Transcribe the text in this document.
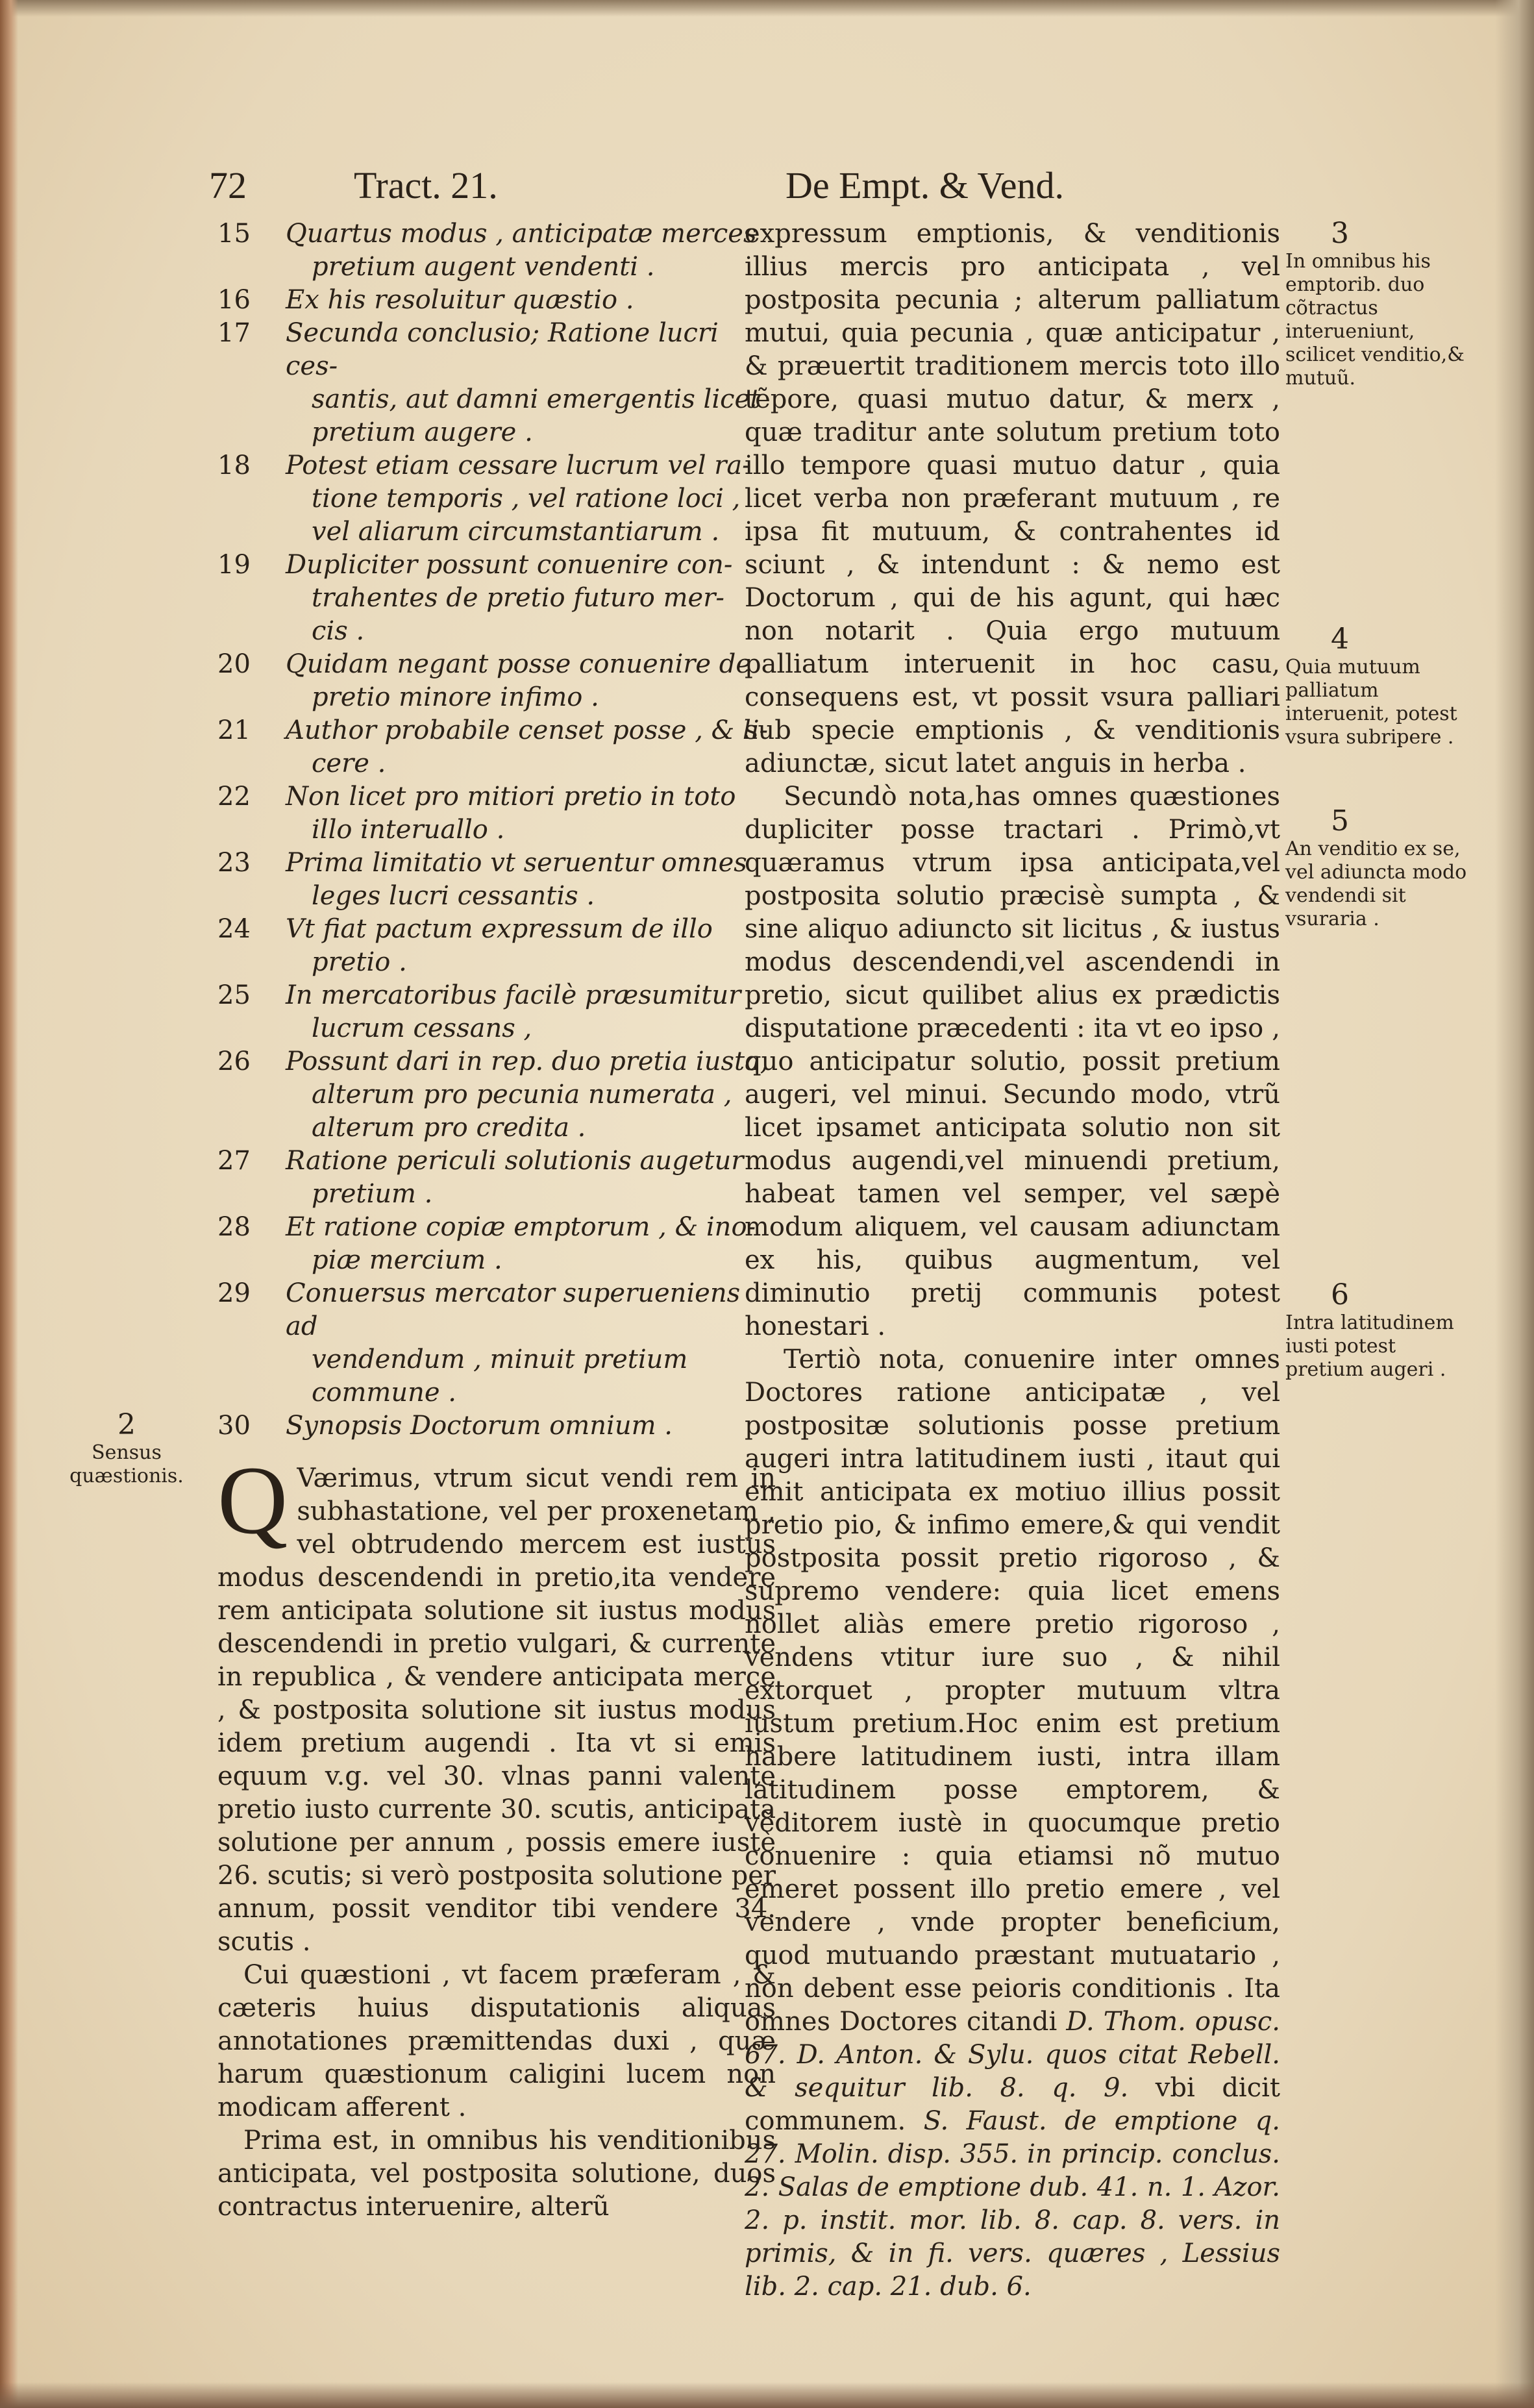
72	Tract. 21.	De Empt. & Vend.
15 Quartus modus , anticipatæ merces
pretium augent vendenti .
16 Ex his resoluitur quæstio .
17 Secunda conclusio; Ratione lucri ces-
santis, aut damni emergentis licet
pretium augere .
18 Potest etiam cessare lucrum vel ra-
tione temporis , vel ratione loci ,
vel aliarum circumstantiarum .
19 Dupliciter possunt conuenire con-
trahentes de pretio futuro mer-
cis .
20 Quidam negant posse conuenire de
pretio minore infimo .
21 Author probabile censet posse , & li-
cere .
22 Non licet pro mitiori pretio in toto
illo interuallo .
23 Prima limitatio vt seruentur omnes
leges lucri cessantis .
24 Vt fiat pactum expressum de illo
pretio .
25 In mercatoribus facilè præsumitur
lucrum cessans ,
26 Possunt dari in rep. duo pretia iusta,
alterum pro pecunia numerata ,
alterum pro credita .
27 Ratione periculi solutionis augetur
pretium .
28 Et ratione copiæ emptorum , & ino-
piæ mercium .
29 Conuersus mercator superueniens ad
vendendum , minuit pretium
commune .
30 Synopsis Doctorum omnium .

Q Værimus, vtrum sicut vendi rem in subhastatione, vel per proxenetam , vel obtrudendo mercem est iustus modus descendendi in pretio,ita vendere rem anticipata solutione sit iustus modus descendendi in pretio vulgari, & currente in republica , & vendere anticipata merce , & postposita solutione sit iustus modus idem pretium augendi . Ita vt si emis equum v.g. vel 30. vlnas panni valente pretio iusto currente 30. scutis, anticipata solutione per annum , possis emere iustè 26. scutis; si verò postposita solutione per annum, possit venditor tibi vendere 34. scutis .

Cui quæstioni , vt facem præferam , & cæteris huius disputationis aliquas annotationes præmittendas duxi , quæ harum quæstionum caligini lucem non modicam afferent .

Prima est, in omnibus his venditionibus anticipata, vel postposita solutione, duos contractus interuenire, alterũ

expressum emptionis, & venditionis illius mercis pro anticipata , vel postposita pecunia ; alterum palliatum mutui, quia pecunia , quæ anticipatur , & præuertit traditionem mercis toto illo tẽpore, quasi mutuo datur, & merx , quæ traditur ante solutum pretium toto illo tempore quasi mutuo datur , quia licet verba non præferant mutuum , re ipsa fit mutuum, & contrahentes id sciunt , & intendunt : & nemo est Doctorum , qui de his agunt, qui hæc non notarit . Quia ergo mutuum palliatum interuenit in hoc casu, consequens est, vt possit vsura palliari sub specie emptionis , & venditionis adiunctæ, sicut latet anguis in herba .

Secundò nota,has omnes quæstiones dupliciter posse tractari . Primò,vt quæramus vtrum ipsa anticipata,vel postposita solutio præcisè sumpta , & sine aliquo adiuncto sit licitus , & iustus modus descendendi,vel ascendendi in pretio, sicut quilibet alius ex prædictis disputatione præcedenti : ita vt eo ipso , quo anticipatur solutio, possit pretium augeri, vel minui. Secundo modo, vtrũ licet ipsamet anticipata solutio non sit modus augendi,vel minuendi pretium, habeat tamen vel semper, vel sæpè modum aliquem, vel causam adiunctam ex his, quibus augmentum, vel diminutio pretij communis potest honestari .

Tertiò nota, conuenire inter omnes Doctores ratione anticipatæ , vel postpositæ solutionis posse pretium augeri intra latitudinem iusti , itaut qui emit anticipata ex motiuo illius possit pretio pio, & infimo emere,& qui vendit postposita possit pretio rigoroso , & supremo vendere: quia licet emens nollet aliàs emere pretio rigoroso , vendens vtitur iure suo , & nihil extorquet , propter mutuum vltra iustum pretium.Hoc enim est pretium habere latitudinem iusti, intra illam latitudinem posse emptorem, & vẽditorem iustè in quocumque pretio conuenire : quia etiamsi nõ mutuo emeret possent illo pretio emere , vel vendere , vnde propter beneficium, quod mutuando præstant mutuatario , non debent esse peioris conditionis . Ita omnes Doctores citandi D. Thom. opusc. 67. D. Anton. & Sylu. quos citat Rebell. & sequitur lib. 8. q. 9. vbi dicit communem. S. Faust. de emptione q. 27. Molin. disp. 355. in princip. conclus. 2. Salas de emptione dub. 41. n. 1. Azor. 2. p. instit. mor. lib. 8. cap. 8. vers. in primis, & in fi. vers. quæres , Lessius lib. 2. cap. 21. dub. 6.

2
Sensus quæstionis.
3
In omnibus his emptorib. duo cõtractus interueniunt, scilicet venditio,& mutuũ.
4
Quia mutuum palliatum interuenit, potest vsura subripere .
5
An venditio ex se, vel adiuncta modo vendendi sit vsuraria .
6
Intra latitudinem iusti potest pretium augeri .
